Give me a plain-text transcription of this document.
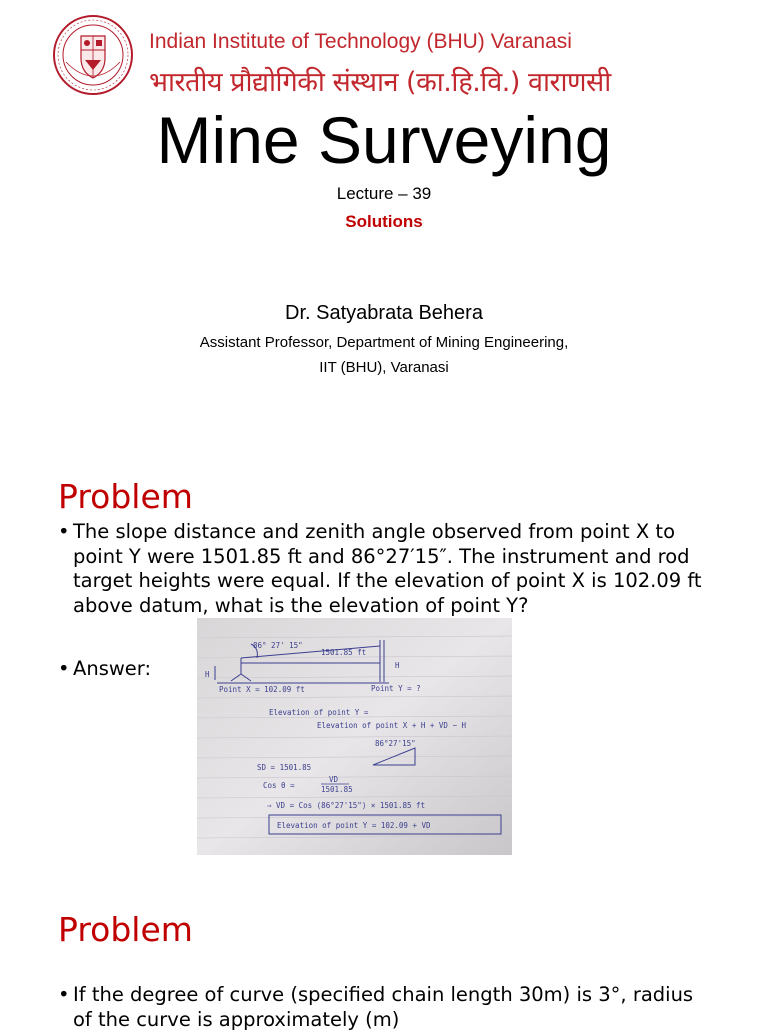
Indian Institute of Technology (BHU) Varanasi
भारतीय प्रौद्योगिकी संस्थान (का.हि.वि.) वाराणसी
Mine Surveying
Lecture – 39
Solutions
Dr. Satyabrata Behera
Assistant Professor, Department of Mining Engineering,
IIT (BHU), Varanasi
Problem
• The slope distance and zenith angle observed from point X to point Y were 1501.85 ft and 86°27′15″. The instrument and rod target heights were equal. If the elevation of point X is 102.09 ft above datum, what is the elevation of point Y?
• Answer:
86° 27' 15"
1501.85 ft
H
H
Point X = 102.09 ft	Point Y = ?
Elevation of point Y =
Elevation of point X + H + VD − H
SD = 1501.85
86°27'15"
Cos θ =
VD
1501.85
⇒ VD = Cos (86°27'15") × 1501.85 ft
Elevation of point Y = 102.09 + VD
Problem
• If the degree of curve (specified chain length 30m) is 3°, radius of the curve is approximately (m)
